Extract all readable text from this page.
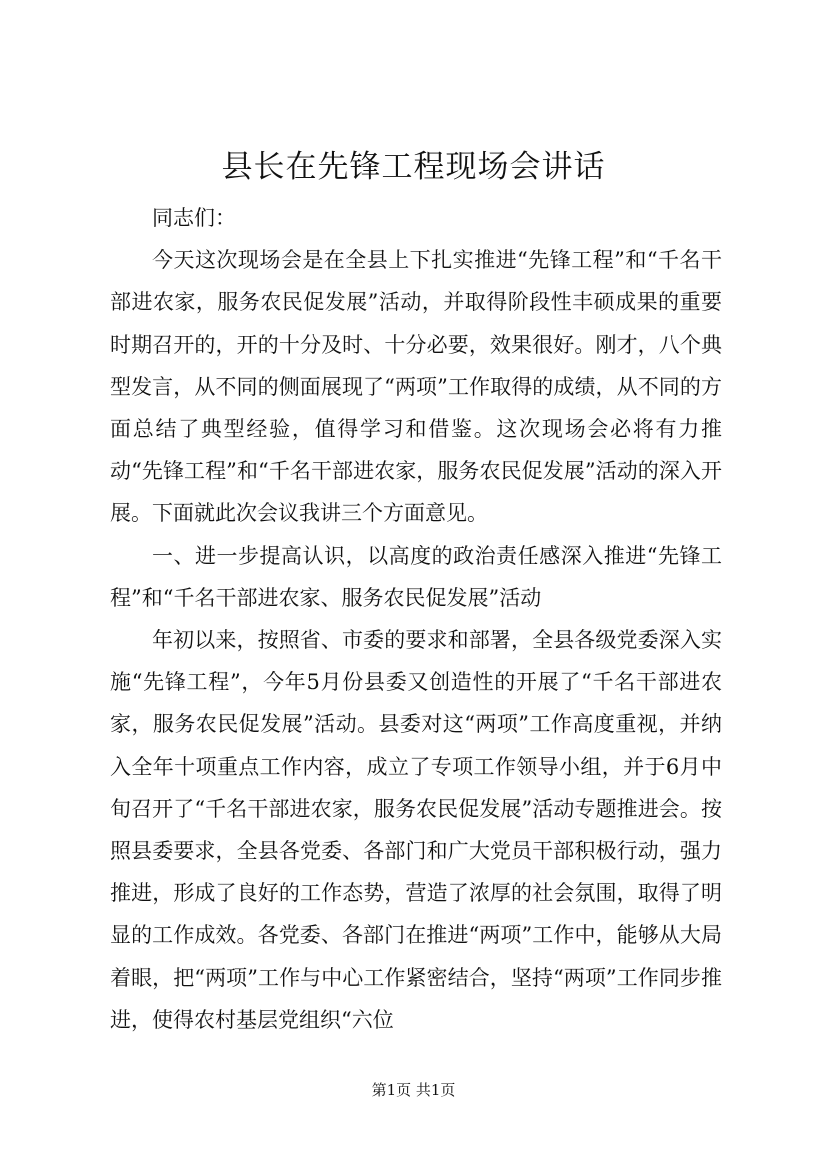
县长在先锋工程现场会讲话

同志们：

今天这次现场会是在全县上下扎实推进“先锋工程”和“千名干部进农家，服务农民促发展”活动，并取得阶段性丰硕成果的重要时期召开的，开的十分及时、十分必要，效果很好。刚才，八个典型发言，从不同的侧面展现了“两项”工作取得的成绩，从不同的方面总结了典型经验，值得学习和借鉴。这次现场会必将有力推动“先锋工程”和“千名干部进农家，服务农民促发展”活动的深入开展。下面就此次会议我讲三个方面意见。

一、进一步提高认识，以高度的政治责任感深入推进“先锋工程”和“千名干部进农家、服务农民促发展”活动

年初以来，按照省、市委的要求和部署，全县各级党委深入实施“先锋工程”，今年5月份县委又创造性的开展了“千名干部进农家，服务农民促发展”活动。县委对这“两项”工作高度重视，并纳入全年十项重点工作内容，成立了专项工作领导小组，并于6月中旬召开了“千名干部进农家，服务农民促发展”活动专题推进会。按照县委要求，全县各党委、各部门和广大党员干部积极行动，强力推进，形成了良好的工作态势，营造了浓厚的社会氛围，取得了明显的工作成效。各党委、各部门在推进“两项”工作中，能够从大局着眼，把“两项”工作与中心工作紧密结合，坚持“两项”工作同步推进，使得农村基层党组织“六位

第1页 共1页
